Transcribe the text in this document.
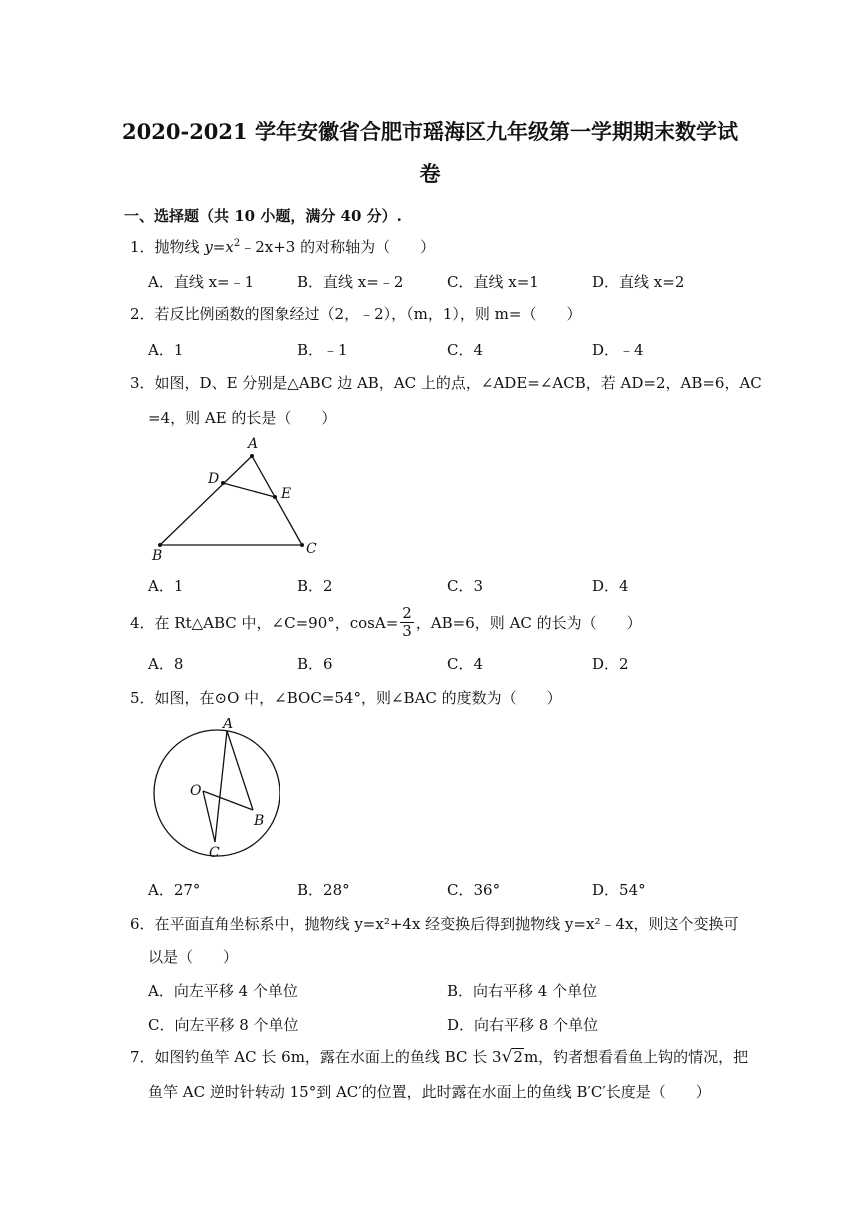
2020-2021 学年安徽省合肥市瑶海区九年级第一学期期末数学试
卷
一、选择题（共 10 小题，满分 40 分）.
1．抛物线 $y=x^2﹣2x+3$ 的对称轴为（　　）
A．直线 x=﹣1	B．直线 x=﹣2	C．直线 x=1	D．直线 x=2
2．若反比例函数的图象经过（2，﹣2），（m，1），则 m=（　　）
A．1	B．﹣1	C．4	D．﹣4
3．如图，D、E 分别是△ABC 边 AB，AC 上的点，∠ADE=∠ACB，若 AD=2，AB=6，AC
=4，则 AE 的长是（　　）
A
B	C
D
E
A．1	B．2	C．3	D．4
4．在 Rt△ABC 中，∠C=90°，$\cos A= \frac{2}{3}$ ，AB=6，则 AC 的长为（　　）
A．8	B．6	C．4	D．2
5．如图，在⊙O 中，∠BOC=54°，则∠BAC 的度数为（　　）
A
O
B
C
A．27°	B．28°	C．36°	D．54°
6．在平面直角坐标系中，抛物线 y=x²+4x 经变换后得到抛物线 y=x²﹣4x，则这个变换可
以是（　　）
A．向左平移 4 个单位	B．向右平移 4 个单位
C．向左平移 8 个单位	D．向右平移 8 个单位
7．如图钓鱼竿 AC 长 6m，露在水面上的鱼线 BC 长 3√2m，钓者想看看鱼上钩的情况，把
鱼竿 AC 逆时针转动 15°到 AC′的位置，此时露在水面上的鱼线 B′C′长度是（　　）
